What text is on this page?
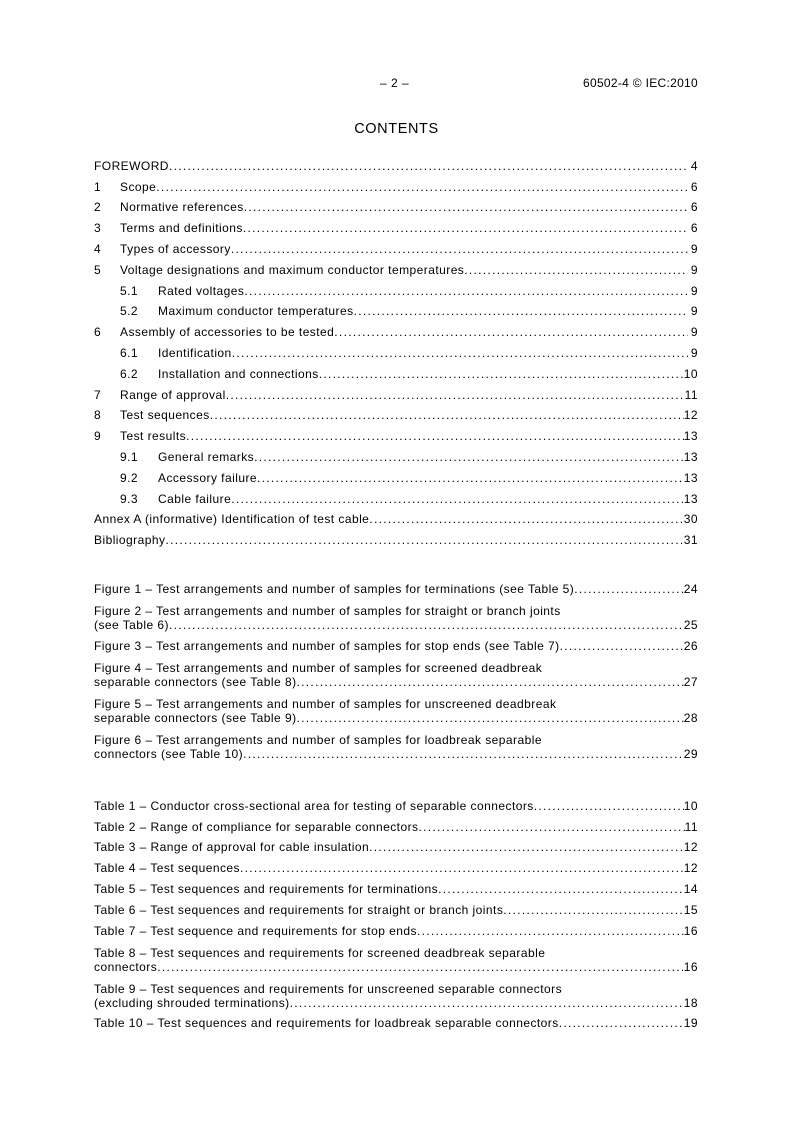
– 2 –	60502-4 © IEC:2010
CONTENTS
FOREWORD .....	4
1	Scope .....	6
2	Normative references .....	6
3	Terms and definitions .....	6
4	Types of accessory .....	9
5	Voltage designations and maximum conductor temperatures .....	9
5.1	Rated voltages .....	9
5.2	Maximum conductor temperatures .....	9
6	Assembly of accessories to be tested .....	9
6.1	Identification .....	9
6.2	Installation and connections .....	10
7	Range of approval .....	11
8	Test sequences .....	12
9	Test results .....	13
9.1	General remarks .....	13
9.2	Accessory failure .....	13
9.3	Cable failure .....	13
Annex A (informative) Identification of test cable .....	30
Bibliography .....	31
Figure 1 – Test arrangements and number of samples for terminations (see Table 5) .....	24
Figure 2 – Test arrangements and number of samples for straight or branch joints
(see Table 6) .....	25
Figure 3 – Test arrangements and number of samples for stop ends (see Table 7) .....	26
Figure 4 – Test arrangements and number of samples for screened deadbreak
separable connectors (see Table 8) .....	27
Figure 5 – Test arrangements and number of samples for unscreened deadbreak
separable connectors (see Table 9) .....	28
Figure 6 – Test arrangements and number of samples for loadbreak separable
connectors (see Table 10) .....	29
Table 1 – Conductor cross-sectional area for testing of separable connectors .....	10
Table 2 – Range of compliance for separable connectors .....	11
Table 3 – Range of approval for cable insulation .....	12
Table 4 – Test sequences .....	12
Table 5 – Test sequences and requirements for terminations .....	14
Table 6 – Test sequences and requirements for straight or branch joints .....	15
Table 7 – Test sequence and requirements for stop ends .....	16
Table 8 – Test sequences and requirements for screened deadbreak separable
connectors .....	16
Table 9 – Test sequences and requirements for unscreened separable connectors
(excluding shrouded terminations) .....	18
Table 10 – Test sequences and requirements for loadbreak separable connectors .....	19
